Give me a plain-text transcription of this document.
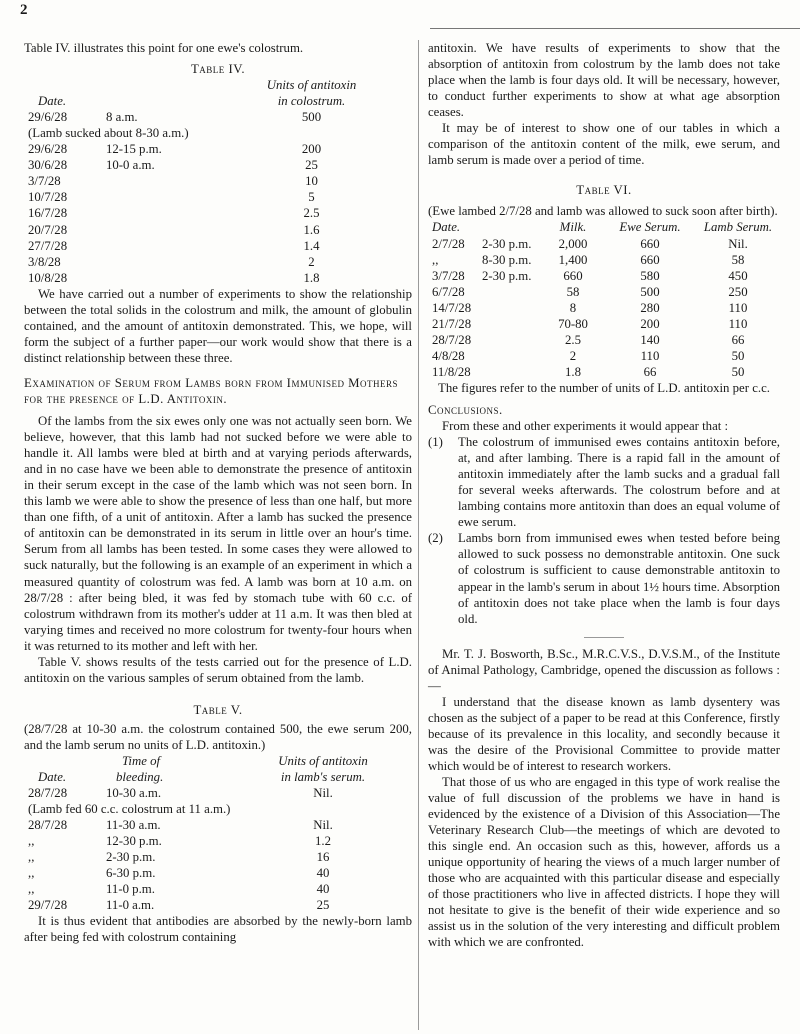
2

Table IV. illustrates this point for one ewe's colostrum.

Table IV.
		Units of antitoxin
Date.		in colostrum.
29/6/28	8 a.m.	500
(Lamb sucked about 8-30 a.m.)		
29/6/28	12-15 p.m.	200
30/6/28	10-0 a.m.	25
3/7/28		10
10/7/28		5
16/7/28		2.5
20/7/28		1.6
27/7/28		1.4
3/8/28		2
10/8/28		1.8

We have carried out a number of experiments to show the relationship between the total solids in the colostrum and milk, the amount of globulin contained, and the amount of antitoxin demonstrated. This, we hope, will form the subject of a further paper—our work would show that there is a distinct relationship between these three.

Examination of Serum from Lambs born from Immunised Mothers for the presence of L.D. Antitoxin.

Of the lambs from the six ewes only one was not actually seen born. We believe, however, that this lamb had not sucked before we were able to handle it. All lambs were bled at birth and at varying periods afterwards, and in no case have we been able to demonstrate the presence of antitoxin in their serum except in the case of the lamb which was not seen born. In this lamb we were able to show the presence of less than one half, but more than one fifth, of a unit of antitoxin. After a lamb has sucked the presence of antitoxin can be demonstrated in its serum in little over an hour's time. Serum from all lambs has been tested. In some cases they were allowed to suck naturally, but the following is an example of an experiment in which a measured quantity of colostrum was fed. A lamb was born at 10 a.m. on 28/7/28 : after being bled, it was fed by stomach tube with 60 c.c. of colostrum withdrawn from its mother's udder at 11 a.m. It was then bled at varying times and received no more colostrum for twenty-four hours when it was returned to its mother and left with her.

Table V. shows results of the tests carried out for the presence of L.D. antitoxin on the various samples of serum obtained from the lamb.

Table V.

(28/7/28 at 10-30 a.m. the colostrum contained 500, the ewe serum 200, and the lamb serum no units of L.D. antitoxin.)

	Time of	Units of antitoxin
Date.	bleeding.	in lamb's serum.
28/7/28	10-30 a.m.	Nil.
(Lamb fed 60 c.c. colostrum at 11 a.m.)		
28/7/28	11-30 a.m.	Nil.
,,	12-30 p.m.	1.2
,,	2-30 p.m.	16
,,	6-30 p.m.	40
,,	11-0 p.m.	40
29/7/28	11-0 a.m.	25

It is thus evident that antibodies are absorbed by the newly-born lamb after being fed with colostrum containing

antitoxin. We have results of experiments to show that the absorption of antitoxin from colostrum by the lamb does not take place when the lamb is four days old. It will be necessary, however, to conduct further experiments to show at what age absorption ceases.

It may be of interest to show one of our tables in which a comparison of the antitoxin content of the milk, ewe serum, and lamb serum is made over a period of time.

Table VI.

(Ewe lambed 2/7/28 and lamb was allowed to suck soon after birth).

Date.	Milk.	Ewe Serum.	Lamb Serum.
2/7/28 2-30 p.m.	2,000	660	Nil.
,, 8-30 p.m.	1,400	660	58
3/7/28 2-30 p.m.	660	580	450
6/7/28	58	500	250
14/7/28	8	280	110
21/7/28	70-80	200	110
28/7/28	2.5	140	66
4/8/28	2	110	50
11/8/28	1.8	66	50

The figures refer to the number of units of L.D. antitoxin per c.c.

Conclusions.

From these and other experiments it would appear that :

(1) The colostrum of immunised ewes contains antitoxin before, at, and after lambing. There is a rapid fall in the amount of antitoxin immediately after the lamb sucks and a gradual fall for several weeks afterwards. The colostrum before and at lambing contains more antitoxin than does an equal volume of ewe serum.
(2) Lambs born from immunised ewes when tested before being allowed to suck possess no demonstrable antitoxin. One suck of colostrum is sufficient to cause demonstrable antitoxin to appear in the lamb's serum in about 1½ hours time. Absorption of antitoxin does not take place when the lamb is four days old.

Mr. T. J. Bosworth, B.Sc., M.R.C.V.S., D.V.S.M., of the Institute of Animal Pathology, Cambridge, opened the discussion as follows :—

I understand that the disease known as lamb dysentery was chosen as the subject of a paper to be read at this Conference, firstly because of its prevalence in this locality, and secondly because it was the desire of the Provisional Committee to provide matter which would be of interest to research workers.

That those of us who are engaged in this type of work realise the value of full discussion of the problems we have in hand is evidenced by the existence of a Division of this Association—The Veterinary Research Club—the meetings of which are devoted to this single end. An occasion such as this, however, affords us a unique opportunity of hearing the views of a much larger number of those who are acquainted with this particular disease and especially of those practitioners who live in affected districts. I hope they will not hesitate to give is the benefit of their wide experience and so assist us in the solution of the very interesting and difficult problem with which we are confronted.
